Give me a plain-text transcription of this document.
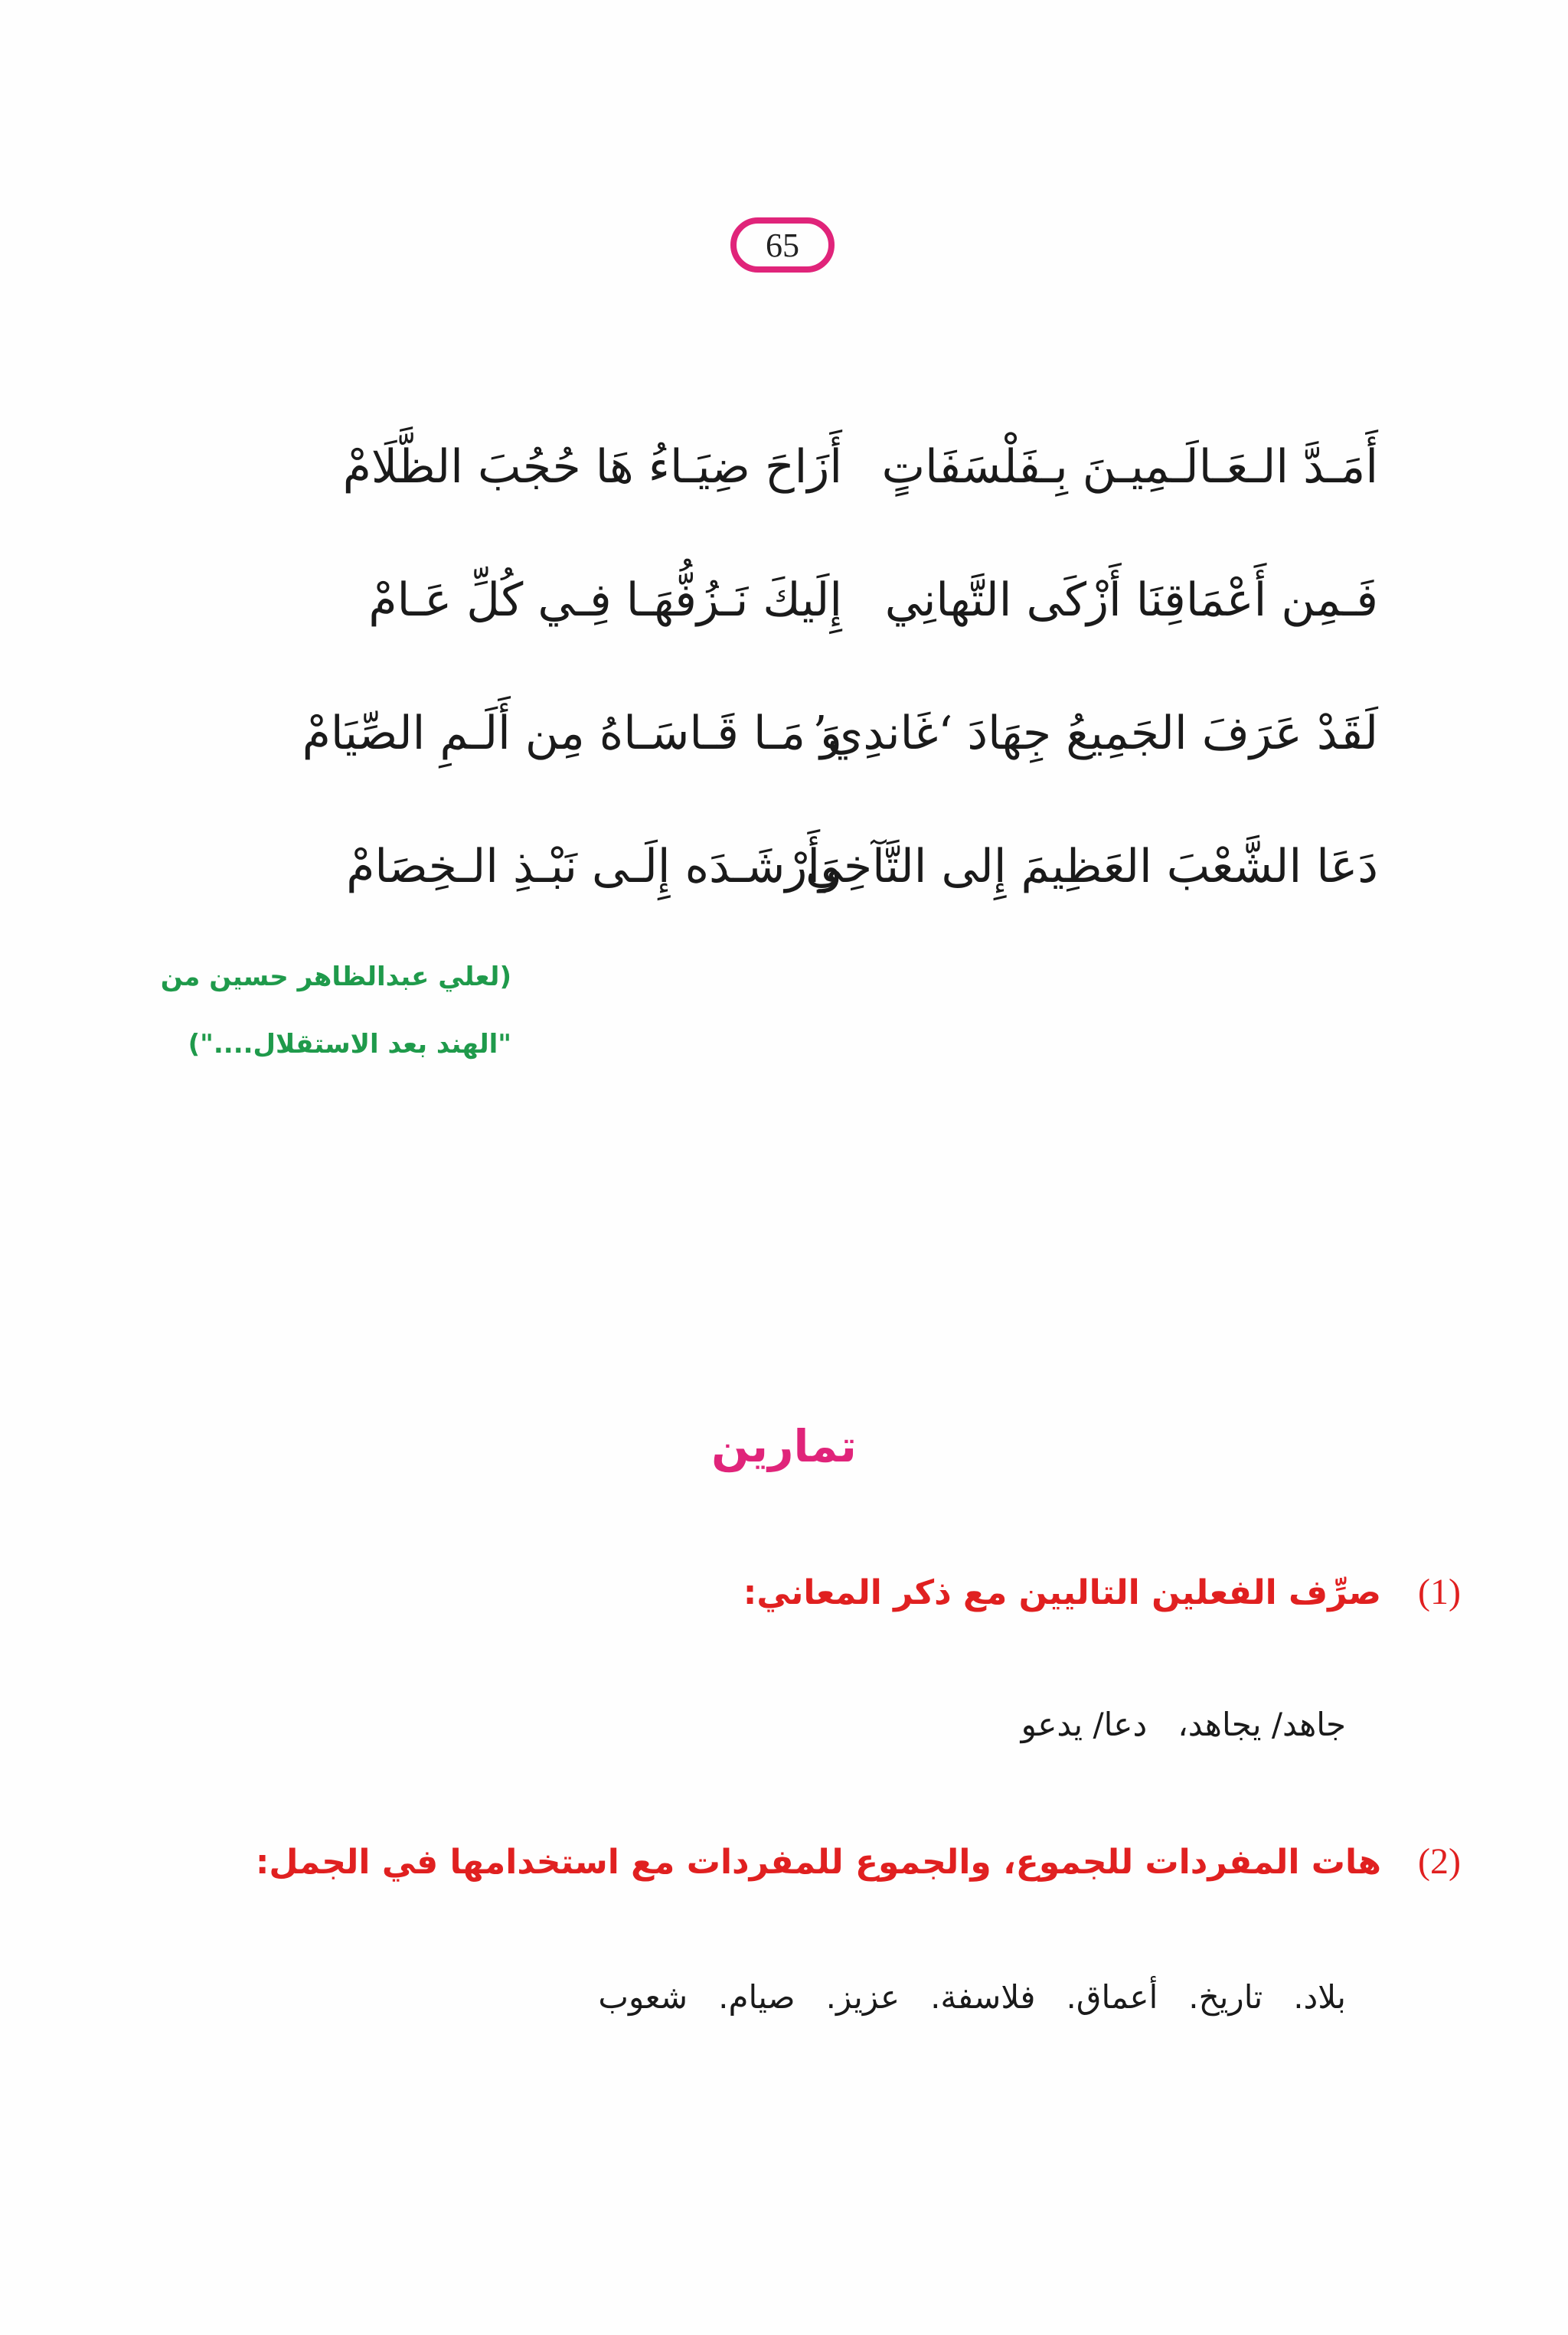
65
أَمَـدَّ الـعَـالَـمِيـنَ بِـفَلْسَفَاتٍ
أَزَاحَ ضِيَـاءُ هَا حُجُبَ الظَّلَامْ
فَـمِن أَعْمَاقِنَا أَزْكَى التَّهانِي
إِلَيكَ نَـزُفُّهَـا فِـي كُلِّ عَـامْ
لَقَدْ عَرَفَ الجَمِيعُ جِهَادَ ‘غَاندِي’
وَ مَـا قَـاسَـاهُ مِن أَلَـمِ الصِّيَامْ
دَعَا الشَّعْبَ العَظِيمَ إِلى التَّآخِي
وَأَرْشَـدَه إِلَـى نَبْـذِ الـخِصَامْ
(لعلي عبدالظاهر حسين من
"الهند بعد الاستقلال....")
تمارين
(1)صرِّف الفعلين التاليين مع ذكر المعاني:
جاهد/ يجاهد،دعا/ يدعو
(2)هات المفردات للجموع، والجموع للمفردات مع استخدامها في الجمل:
بلاد.تاريخ.أعماق.فلاسفة.عزيز.صيام.شعوب
